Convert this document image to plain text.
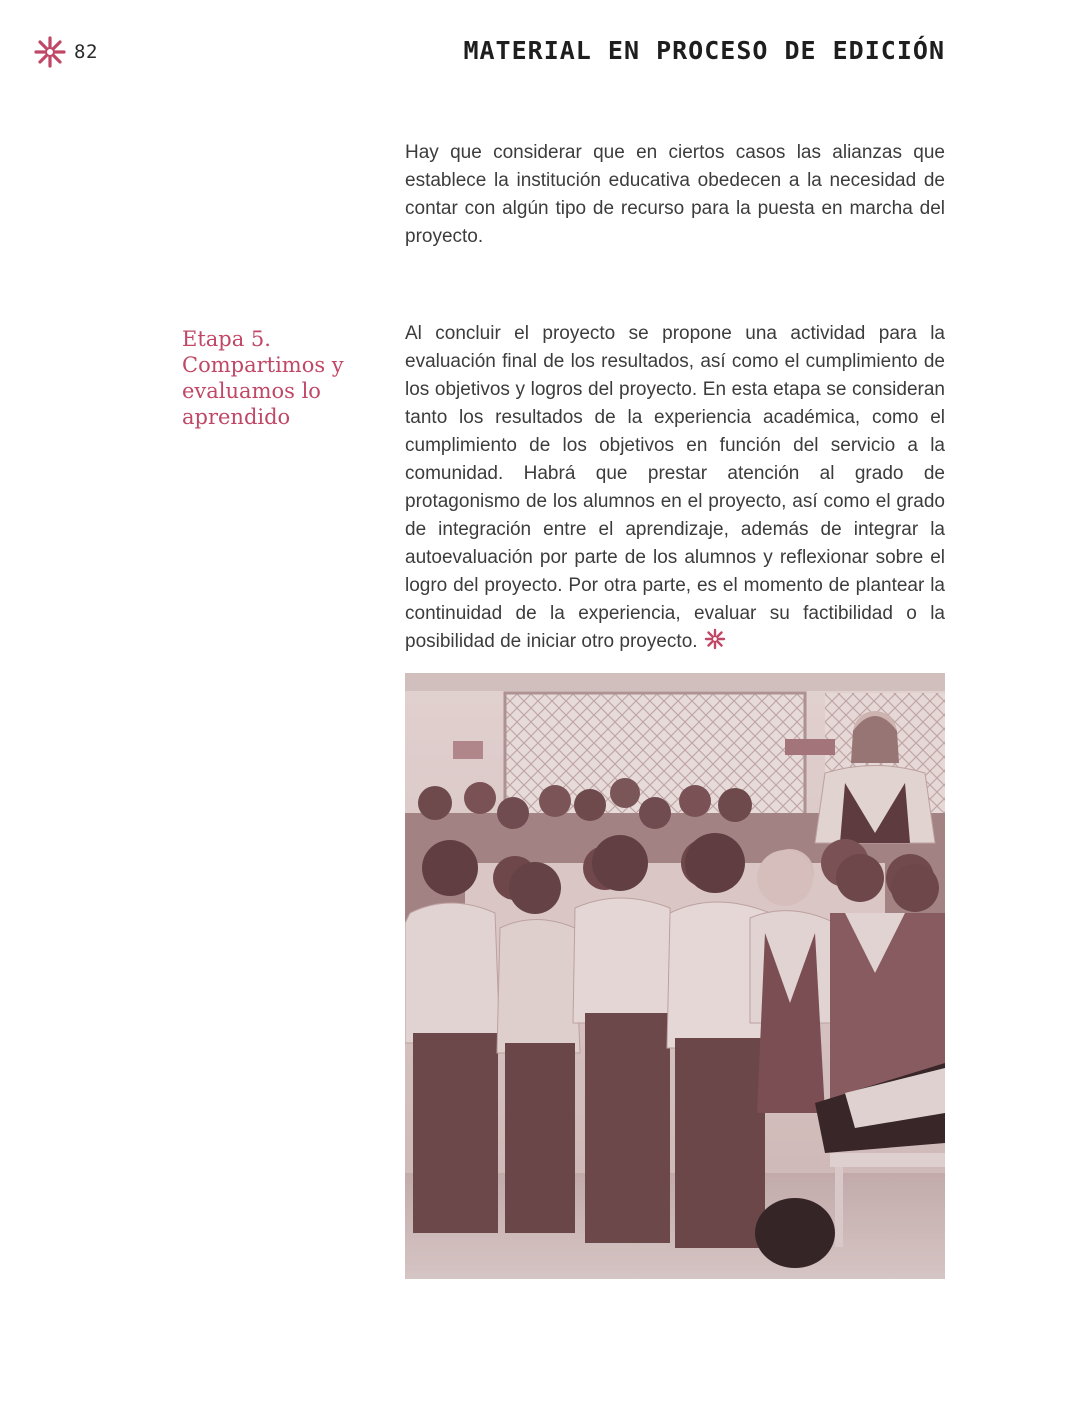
82	MATERIAL EN PROCESO DE EDICIÓN

Hay que considerar que en ciertos casos las alianzas que establece la institución educativa obedecen a la necesidad de contar con algún tipo de recurso para la puesta en marcha del proyecto.

Etapa 5.
Compartimos y
evaluamos lo
aprendido

Al concluir el proyecto se propone una actividad para la evaluación final de los resultados, así como el cumplimiento de los objetivos y logros del proyecto. En esta etapa se consideran tanto los resultados de la experiencia académica, como el cumplimiento de los objetivos en función del servicio a la comunidad. Habrá que prestar atención al grado de protagonismo de los alumnos en el proyecto, así como el grado de integración entre el aprendizaje, además de integrar la autoevaluación por parte de los alumnos y reflexionar sobre el logro del proyecto. Por otra parte, es el momento de plantear la continuidad de la experiencia, evaluar su factibilidad o la posibilidad de iniciar otro proyecto.
